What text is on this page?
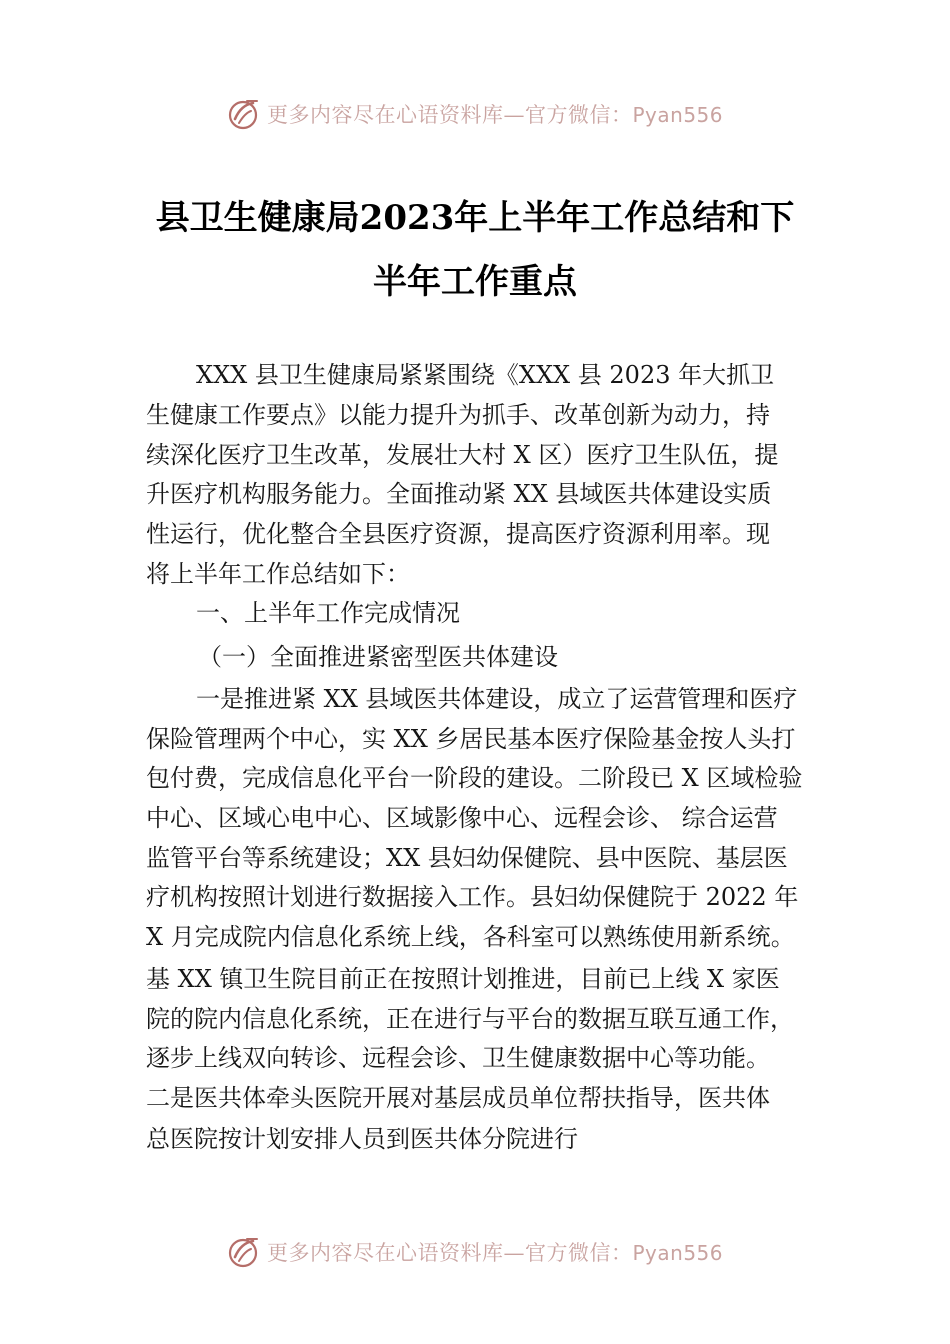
更多内容尽在心语资料库—官方微信：Pyan556
县卫生健康局2023年上半年工作总结和下
半年工作重点
XXX 县卫生健康局紧紧围绕《XXX 县 2023 年大抓卫
生健康工作要点》以能力提升为抓手、改革创新为动力，持
续深化医疗卫生改革，发展壮大村 X 区）医疗卫生队伍，提
升医疗机构服务能力。全面推动紧 XX 县域医共体建设实质
性运行，优化整合全县医疗资源，提高医疗资源利用率。现
将上半年工作总结如下：
一、上半年工作完成情况
（一）全面推进紧密型医共体建设
一是推进紧 XX 县域医共体建设，成立了运营管理和医疗
保险管理两个中心，实 XX 乡居民基本医疗保险基金按人头打
包付费，完成信息化平台一阶段的建设。二阶段已 X 区域检验
中心、区域心电中心、区域影像中心、远程会诊、 综合运营
监管平台等系统建设；XX 县妇幼保健院、县中医院、基层医
疗机构按照计划进行数据接入工作。县妇幼保健院于 2022 年
X 月完成院内信息化系统上线，各科室可以熟练使用新系统。
基 XX 镇卫生院目前正在按照计划推进，目前已上线 X 家医
院的院内信息化系统，正在进行与平台的数据互联互通工作，
逐步上线双向转诊、远程会诊、卫生健康数据中心等功能。
二是医共体牵头医院开展对基层成员单位帮扶指导，医共体
总医院按计划安排人员到医共体分院进行
更多内容尽在心语资料库—官方微信：Pyan556
